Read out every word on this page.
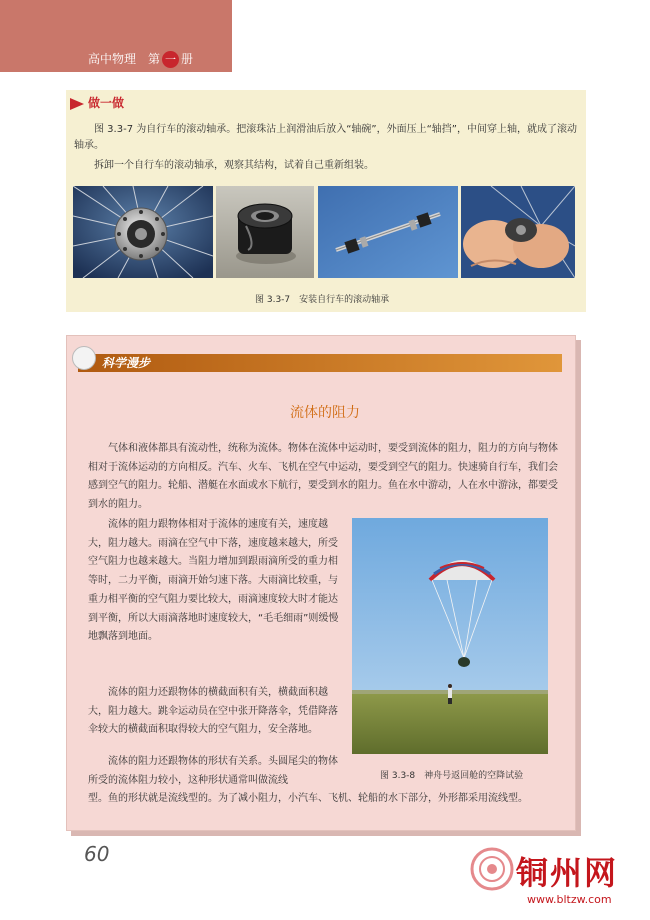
高中物理　第 一 册
做一做

图 3.3-7 为自行车的滚动轴承。把滚珠沾上润滑油后放入“轴碗”，外面压上“轴挡”，中间穿上轴，就成了滚动轴承。

拆卸一个自行车的滚动轴承，观察其结构，试着自己重新组装。

图 3.3-7　安装自行车的滚动轴承
科学漫步
流体的阻力

气体和液体都具有流动性，统称为流体。物体在流体中运动时，要受到流体的阻力，阻力的方向与物体相对于流体运动的方向相反。汽车、火车、飞机在空气中运动，要受到空气的阻力。快速骑自行车，我们会感到空气的阻力。轮船、潜艇在水面或水下航行，要受到水的阻力。鱼在水中游动，人在水中游泳，都要受到水的阻力。

流体的阻力跟物体相对于流体的速度有关，速度越大，阻力越大。雨滴在空气中下落，速度越来越大，所受空气阻力也越来越大。当阻力增加到跟雨滴所受的重力相等时，二力平衡，雨滴开始匀速下落。大雨滴比较重，与重力相平衡的空气阻力要比较大，雨滴速度较大时才能达到平衡，所以大雨滴落地时速度较大，“毛毛细雨”则缓慢地飘落到地面。

流体的阻力还跟物体的横截面积有关，横截面积越大，阻力越大。跳伞运动员在空中张开降落伞，凭借降落伞较大的横截面积取得较大的空气阻力，安全落地。

流体的阻力还跟物体的形状有关系。头圆尾尖的物体所受的流体阻力较小，这种形状通常叫做流线

型。鱼的形状就是流线型的。为了减小阻力，小汽车、飞机、轮船的水下部分，外形都采用流线型。

图 3.3-8　神舟号返回舱的空降试验
60	铜州网
www.bltzw.com
